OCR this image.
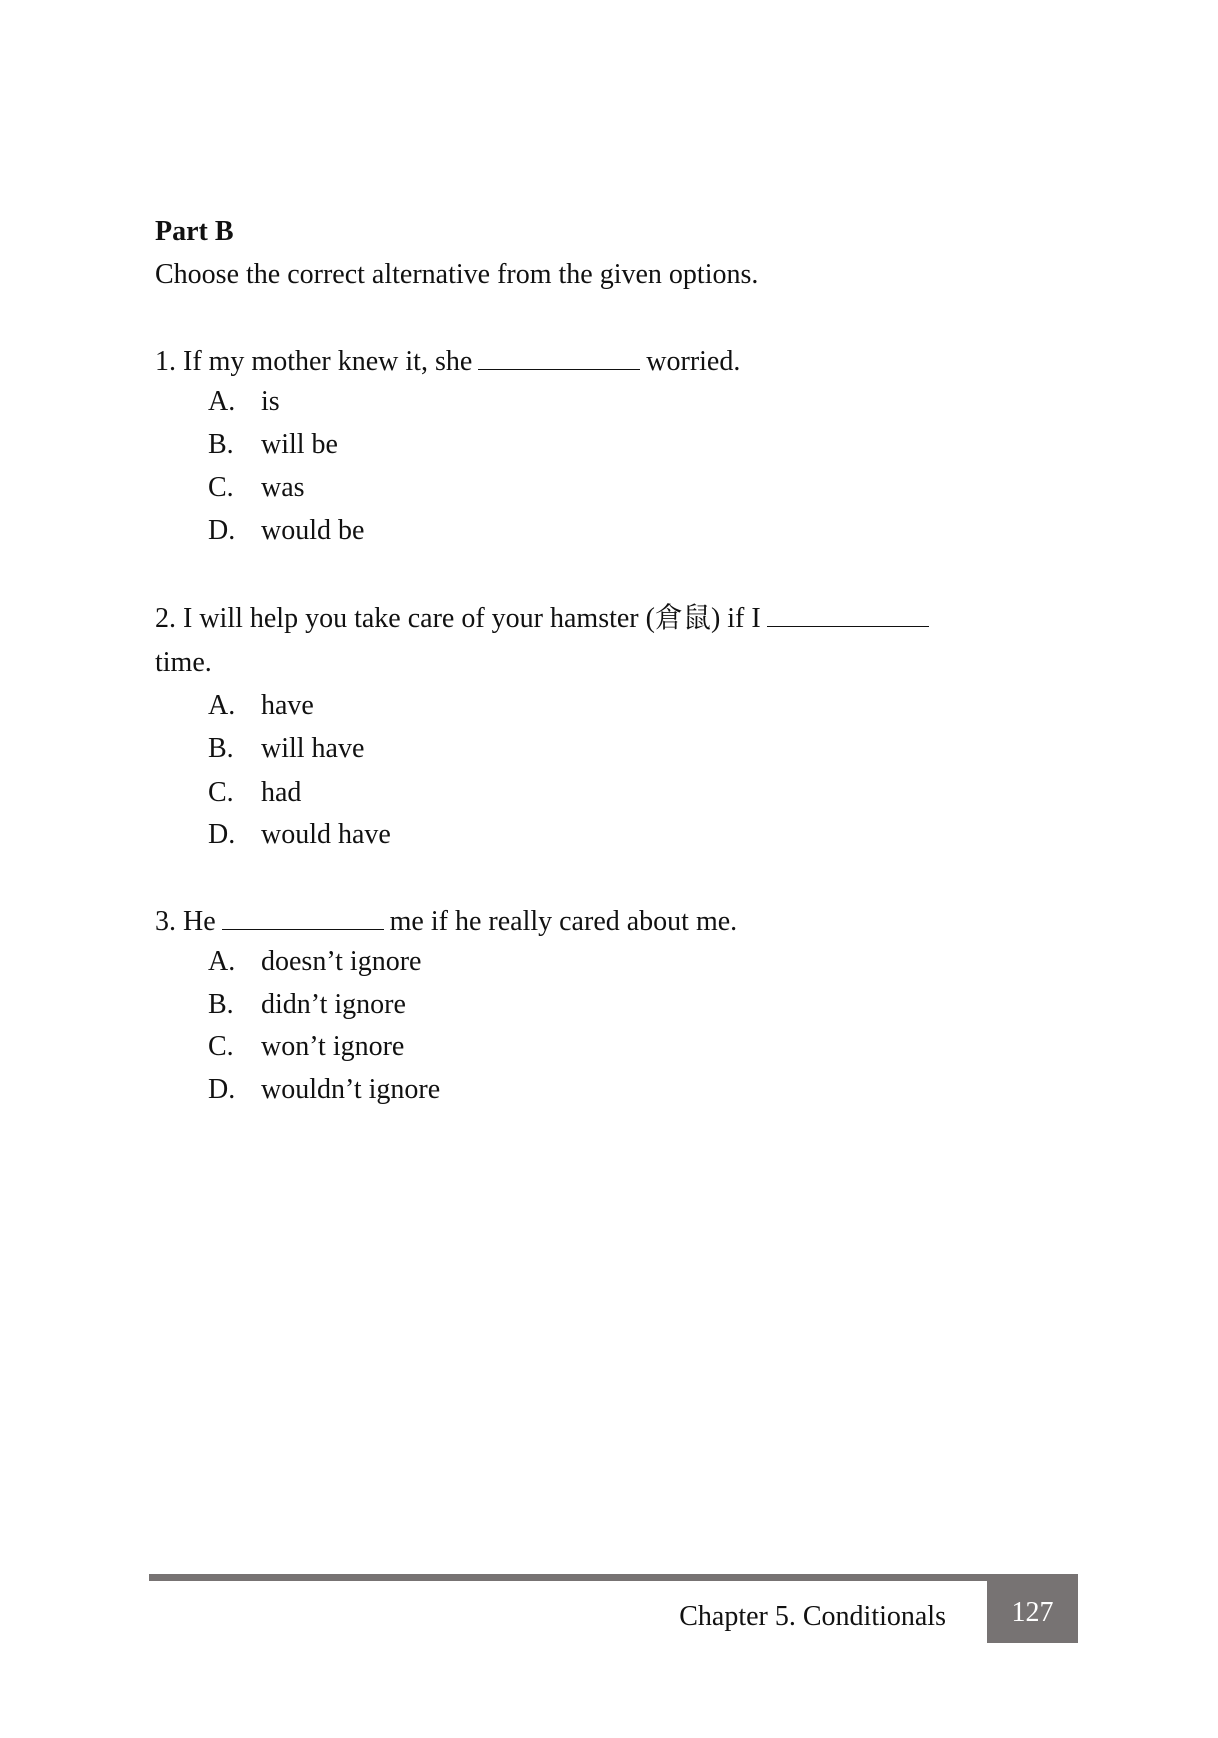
Part B
Choose the correct alternative from the given options.
1. If my mother knew it, she	worried.
A. is
B. will be
C. was
D. would be
2. I will help you take care of your hamster (倉鼠) if I
time.
A. have
B. will have
C. had
D. would have
3. He	me if he really cared about me.
A. doesn’t ignore
B. didn’t ignore
C. won’t ignore
D. wouldn’t ignore
127
Chapter 5. Conditionals
